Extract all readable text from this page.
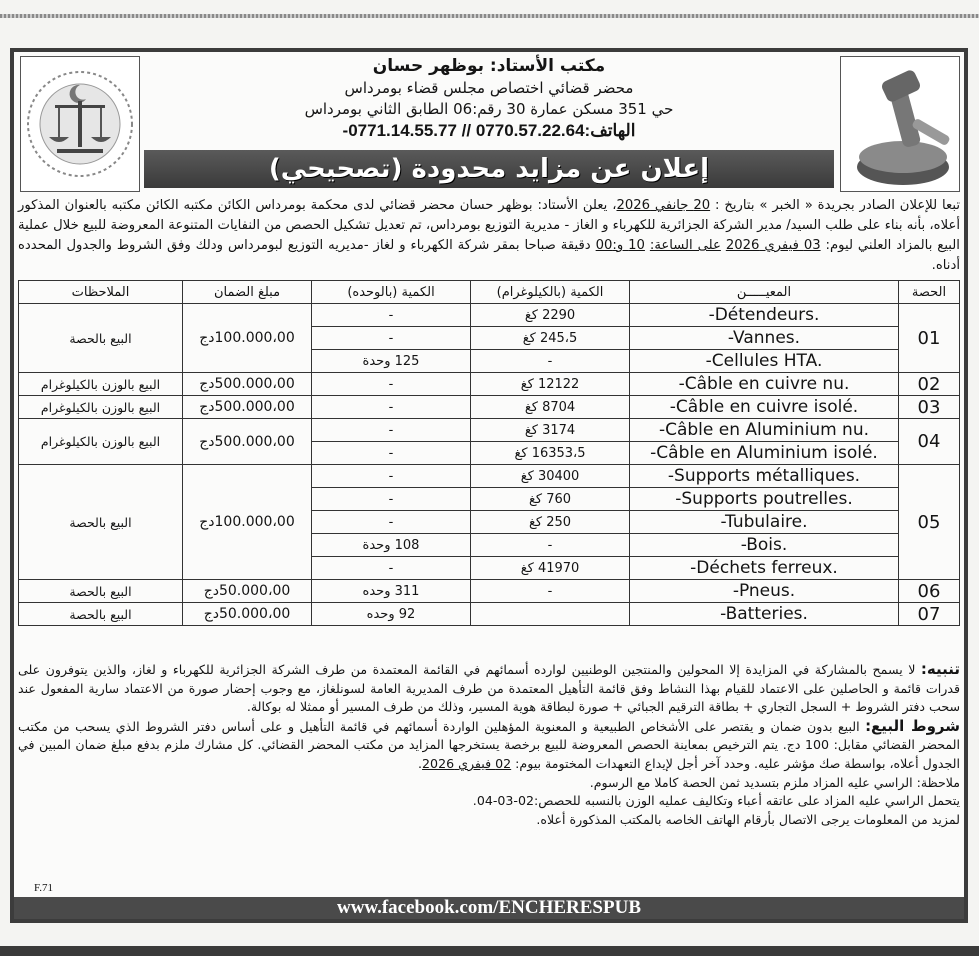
مكتب الأستاد: بوظهر حسان
محضر قضائي اختصاص مجلس قضاء بومرداس
حي 351 مسكن عمارة 30 رقم:06 الطابق الثاني بومرداس
الهاتف:0770.57.22.64 // 0771.14.55.77-
إعلان عن مزايد محدودة (تصحيحي)
تبعا للإعلان الصادر بجريدة « الخبر » بتاريخ : 20 جانفي 2026، يعلن الأستاد: بوظهر حسان محضر قضائي لدى محكمة بومرداس الكائن مكتبه الكائن مكتبه بالعنوان المذكور أعلاه، بأنه بناء على طلب السيد/ مدير الشركة الجزائرية للكهرباء و الغاز - مديرية التوزيع بومرداس، تم تعديل تشكيل الحصص من النفايات المتنوعة المعروضة للبيع خلال عملية البيع بالمزاد العلني ليوم: 03 فيفري 2026 على الساعة: 10 و:00 دقيقة صباحا بمقر شركة الكهرباء و لغاز -مديريه التوزيع لبومرداس ودلك وفق الشروط والجدول المحدده أدناه.
الحصة	المعيـــــن	الكمية (بالكيلوغرام)	الكمية (بالوحده)	مبلغ الضمان	الملاحظات
01	-Détendeurs.	2290 كغ	-	100.000،00دج	البيع بالحصة
	-Vannes.	245،5 كغ	-		
	-Cellules HTA.	-	125 وحدة		
02	-Câble en cuivre nu.	12122 كغ	-	500.000،00دج	البيع بالوزن بالكيلوغرام
03	-Câble en cuivre isolé.	8704 كغ	-	500.000،00دج	البيع بالوزن بالكيلوغرام
04	-Câble en Aluminium nu.	3174 كغ	-	500.000،00دج	البيع بالوزن بالكيلوغرام
	-Câble en Aluminium isolé.	16353،5 كغ	-		
05	-Supports métalliques.	30400 كغ	-	100.000،00دج	البيع بالحصة
	-Supports poutrelles.	760 كغ	-		
	-Tubulaire.	250 كغ	-		
	-Bois.	-	108 وحدة		
	-Déchets ferreux.	41970 كغ	-		
06	-Pneus.	-	311 وحده	50.000،00دج	البيع بالحصة
07	-Batteries.		92 وحده	50.000،00دج	البيع بالحصة
تنبيه: لا يسمح بالمشاركة في المزايدة إلا المحولين والمنتجين الوطنيين لوارده أسمائهم في القائمة المعتمدة من طرف الشركة الجزائرية للكهرباء و لغاز، والذين يتوفرون على قدرات قائمة و الحاصلين على الاعتماد للقيام بهذا النشاط وفق قائمة التأهيل المعتمدة من طرف المديرية العامة لسونلغاز، مع وجوب إحضار صورة من الاعتماد سارية المفعول عند سحب دفتر الشروط + السجل التجاري + بطاقة الترقيم الجبائي + صورة لبطاقة هوية المسير، وذلك من طرف المسير أو ممثلا له بوكالة.
شروط البيع: البيع بدون ضمان و يقتصر على الأشخاص الطبيعية و المعنوية المؤهلين الواردة أسمائهم في قائمة التأهيل و على أساس دفتر الشروط الذي يسحب من مكتب المحضر القضائي مقابل: 100 دج. يتم الترخيص بمعاينة الحصص المعروضة للبيع برخصة يستخرجها المزايد من مكتب المحضر القضائي. كل مشارك ملزم بدفع مبلغ ضمان المبين في الجدول أعلاه، بواسطة صك مؤشر عليه. وحدد آخر أجل لإيداع التعهدات المختومة بيوم: 02 فيفري 2026.
ملاحظة: الراسي عليه المزاد ملزم بتسديد ثمن الحصة كاملا مع الرسوم.
يتحمل الراسي عليه المزاد على عاتقه أعباء وتكاليف عمليه الوزن بالنسبه للحصص:02-03-04.
لمزيد من المعلومات يرجى الاتصال بأرقام الهاتف الخاصه بالمكتب المذكورة أعلاه.
F.71
www.facebook.com/ENCHERESPUB
